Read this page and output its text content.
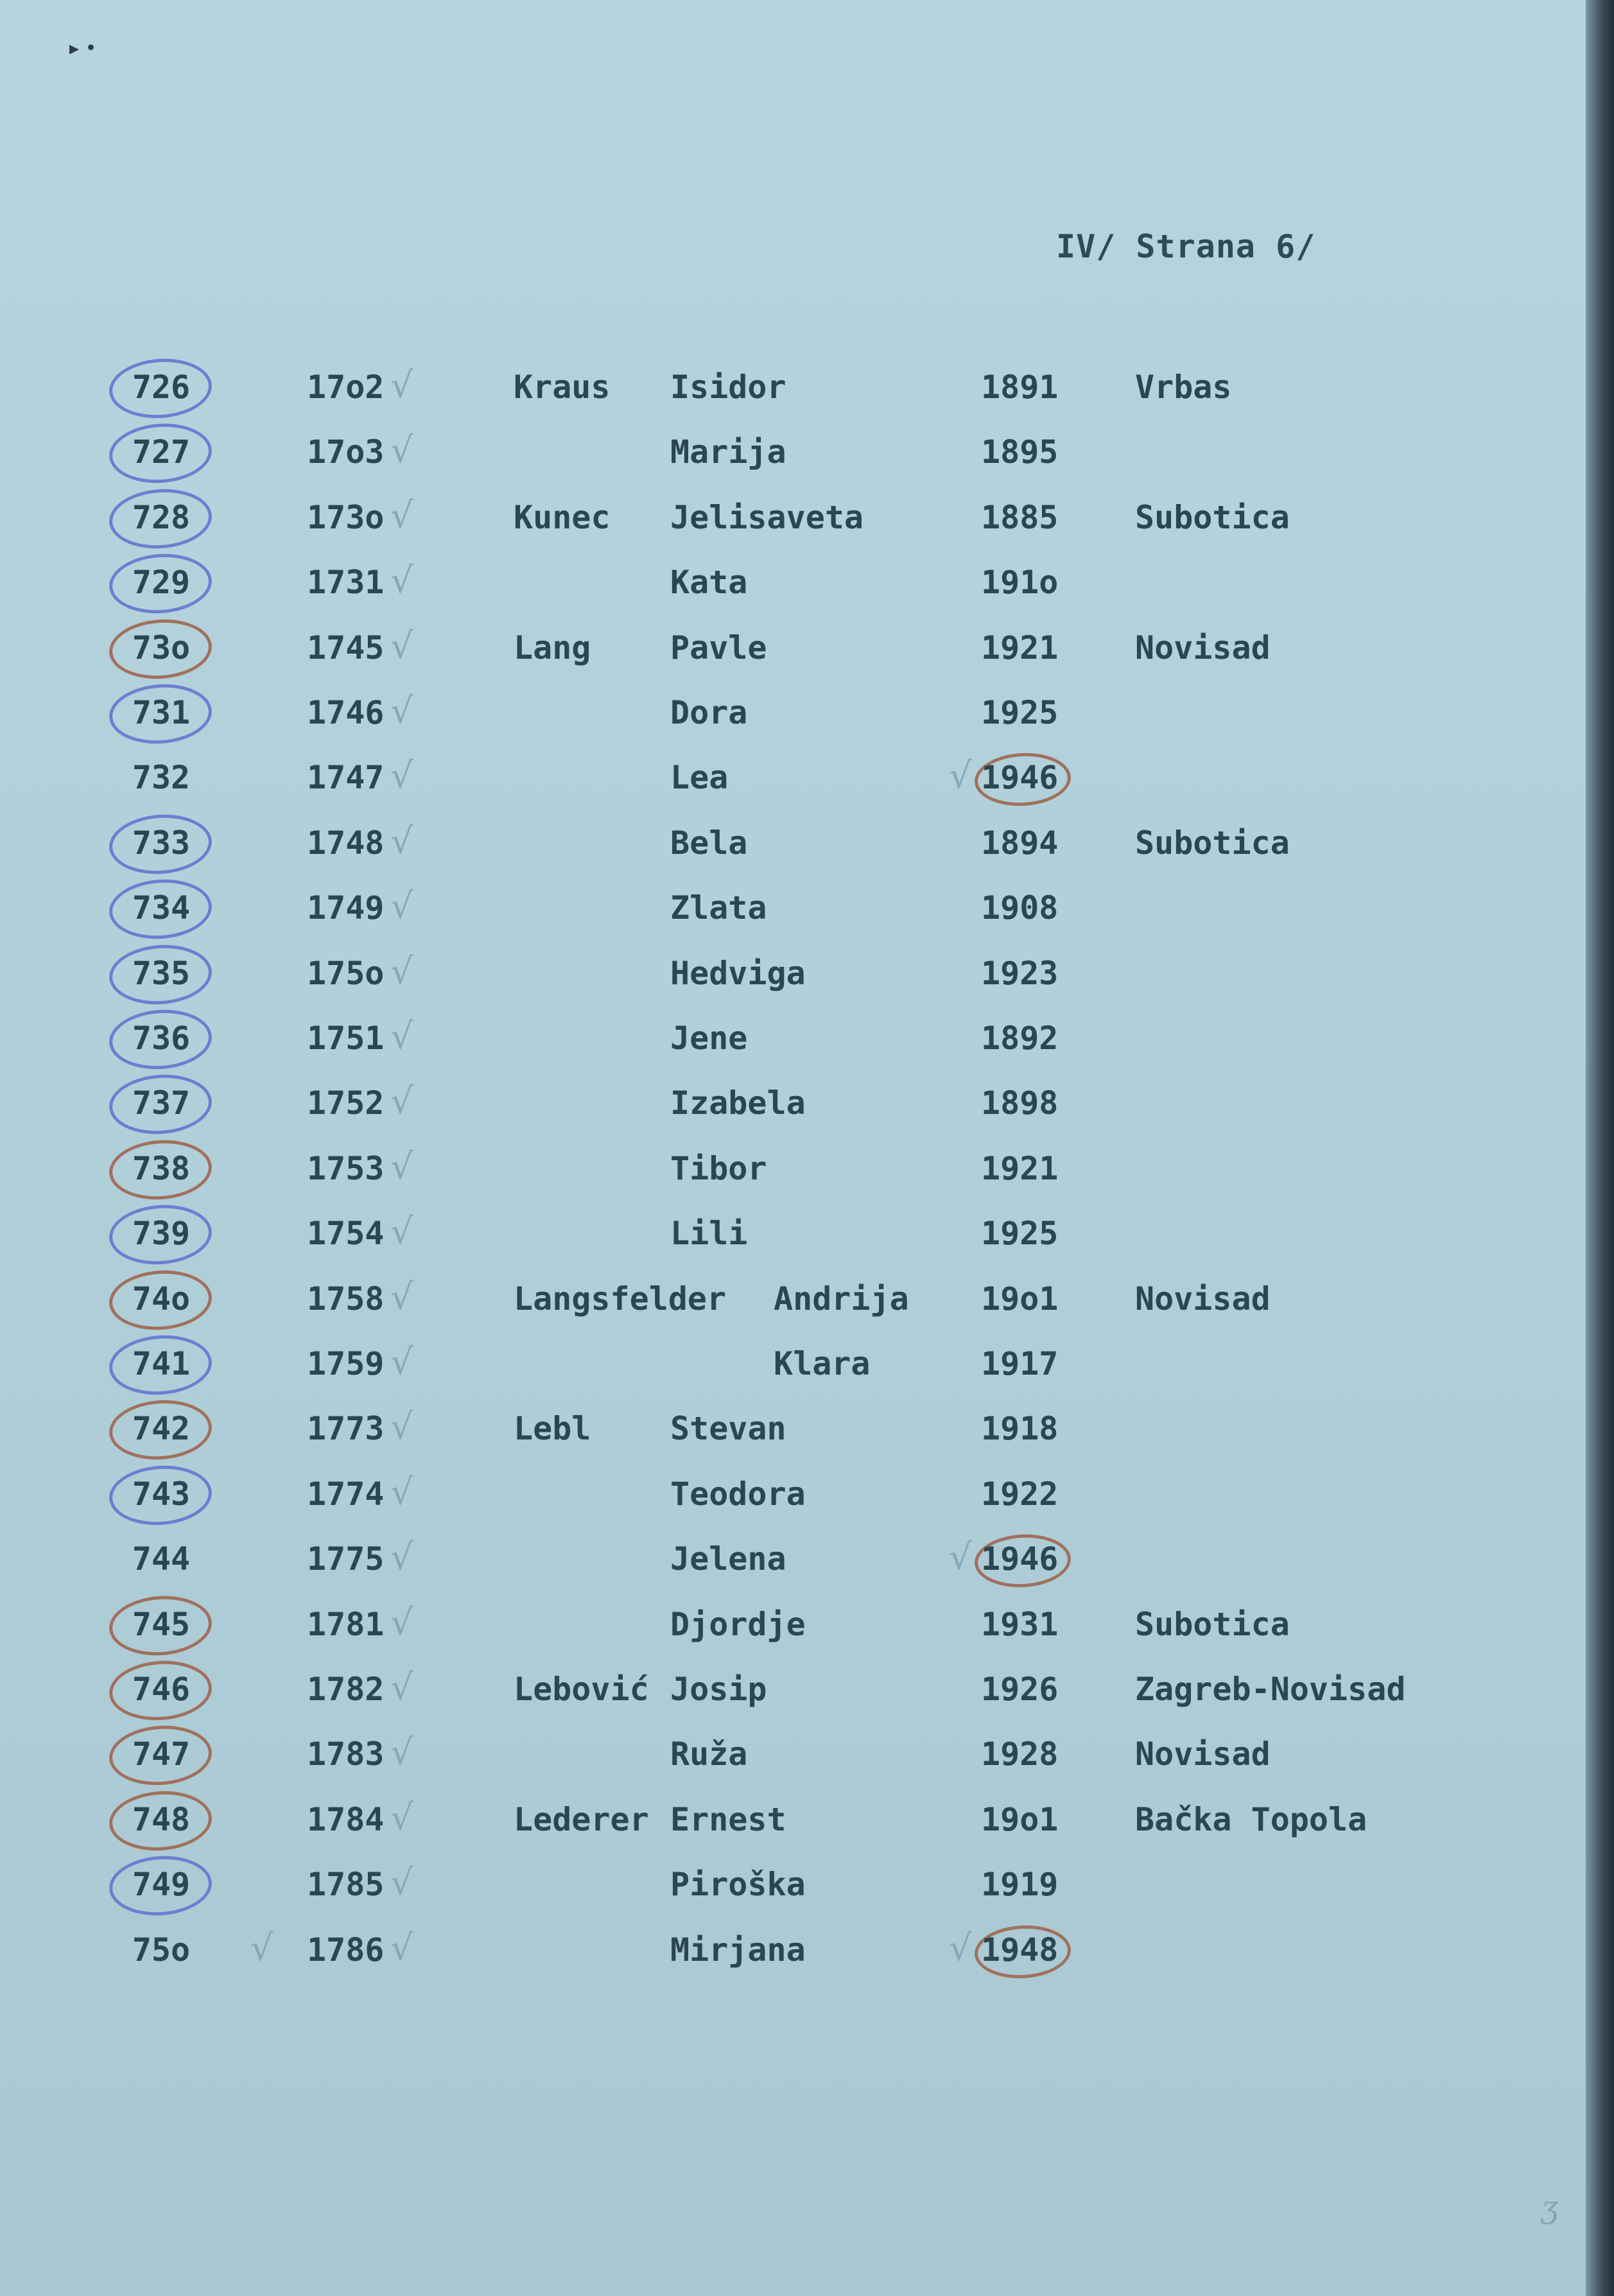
IV/ Strana 6/
726	17o2	Kraus Isidor	1891 Vrbas
√
727	17o3	Marija	1895
√
728	173o	Kunec Jelisaveta	1885 Subotica
√
729	1731	Kata	191o
√
73o	1745	Lang Pavle	1921 Novisad
√
731	1746	Dora	1925
√
√
732	1747	Lea	1946
√
733	1748	Bela	1894 Subotica
√
734	1749	Zlata	1908
√
735	175o	Hedviga	1923
√
736	1751	Jene	1892
√
737	1752	Izabela	1898
√
738	1753	Tibor	1921
√
739	1754	Lili	1925
√
74o	1758	Langsfelder Andrija 19o1 Novisad
√
741	1759	Klara	1917
√
742	1773	Lebl Stevan	1918
√
743	1774	Teodora	1922
√
√
744	1775	Jelena	1946
√
745	1781	Djordje	1931 Subotica
√
746	1782	Lebović Josip	1926 Zagreb-Novisad
√
747	1783	Ruža	1928 Novisad
√
748	1784	Lederer Ernest	19o1 Bačka Topola
√
749	1785	Piroška	1919
√
√
√
75o	1786	Mirjana	1948
√
▸ •
ʒ
